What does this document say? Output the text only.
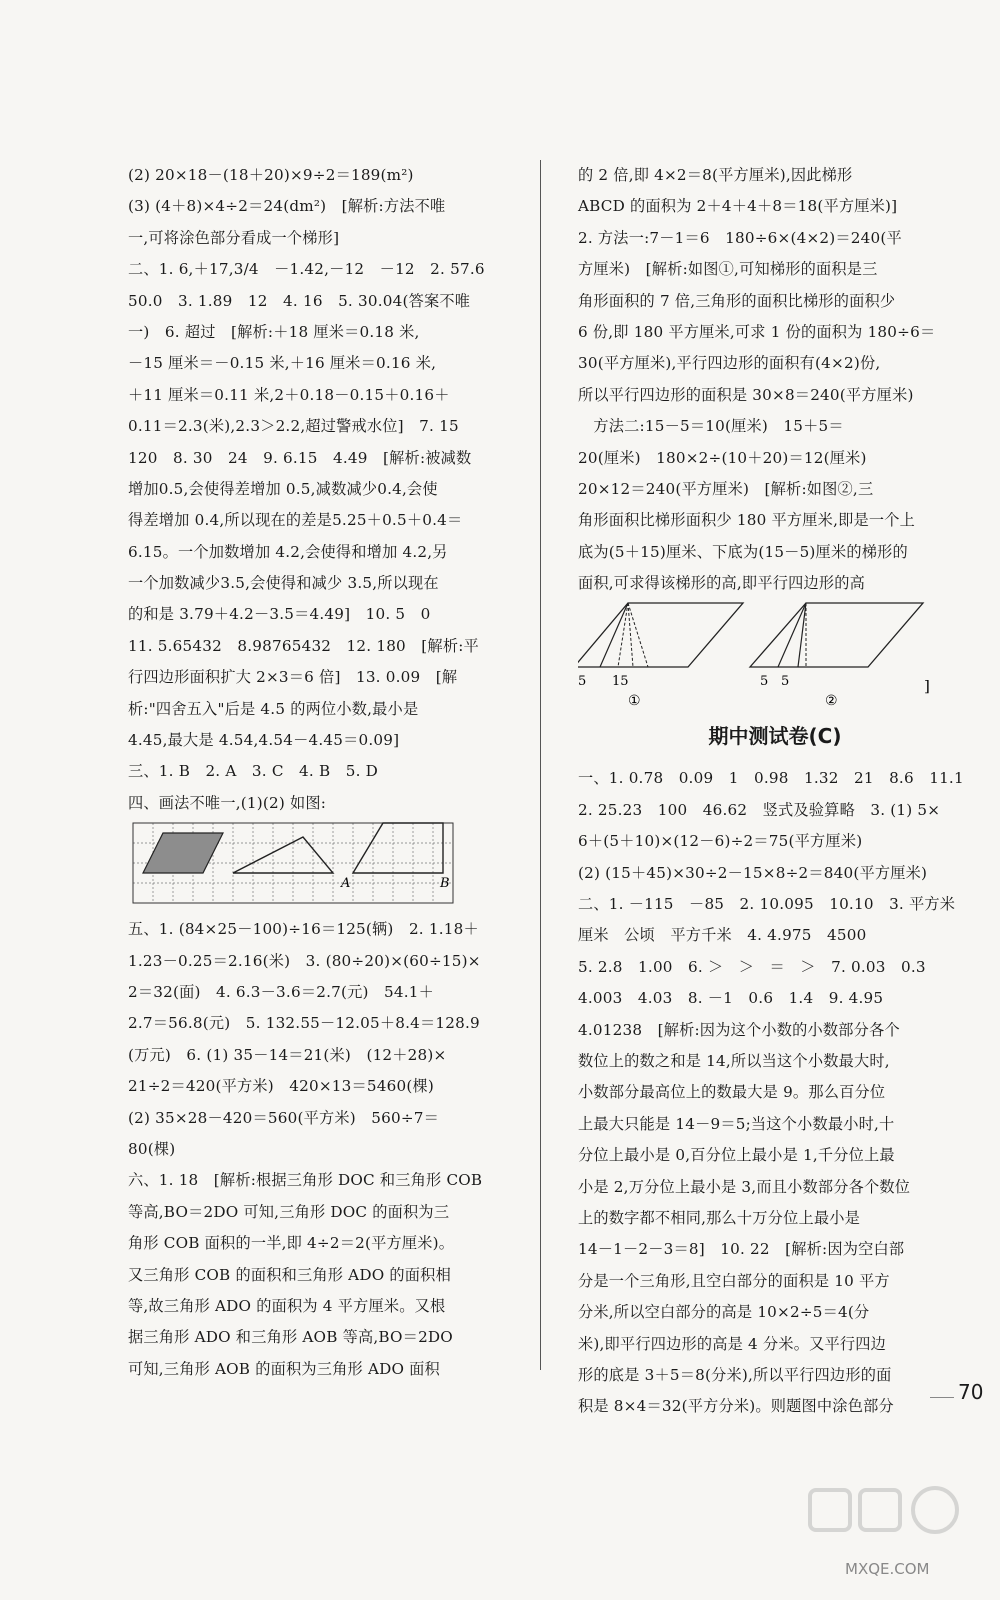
(2) 20×18－(18＋20)×9÷2＝189(m²)
(3) (4＋8)×4÷2＝24(dm²)　[解析:方法不唯
一,可将涂色部分看成一个梯形]
二、1. 6,＋17,3/4　－1.42,－12　－12　2. 57.6
50.0　3. 1.89　12　4. 16　5. 30.04(答案不唯
一)　6. 超过　[解析:＋18 厘米＝0.18 米,
－15 厘米＝－0.15 米,＋16 厘米＝0.16 米,
＋11 厘米＝0.11 米,2＋0.18－0.15＋0.16＋
0.11＝2.3(米),2.3＞2.2,超过警戒水位]　7. 15
120　8. 30　24　9. 6.15　4.49　[解析:被减数
增加0.5,会使得差增加 0.5,减数减少0.4,会使
得差增加 0.4,所以现在的差是5.25＋0.5＋0.4＝
6.15。一个加数增加 4.2,会使得和增加 4.2,另
一个加数减少3.5,会使得和减少 3.5,所以现在
的和是 3.79＋4.2－3.5＝4.49]　10. 5　0
11. 5.65432　8.98765432　12. 180　[解析:平
行四边形面积扩大 2×3＝6 倍]　13. 0.09　[解
析:"四舍五入"后是 4.5 的两位小数,最小是
4.45,最大是 4.54,4.54－4.45＝0.09]
三、1. B　2. A　3. C　4. B　5. D
四、画法不唯一,(1)(2) 如图:
A	B
五、1. (84×25－100)÷16＝125(辆)　2. 1.18＋
1.23－0.25＝2.16(米)　3. (80÷20)×(60÷15)×
2＝32(面)　4. 6.3－3.6＝2.7(元)　54.1＋
2.7＝56.8(元)　5. 132.55－12.05＋8.4＝128.9
(万元)　6. (1) 35－14＝21(米)　(12＋28)×
21÷2＝420(平方米)　420×13＝5460(棵)
(2) 35×28－420＝560(平方米)　560÷7＝
80(棵)
六、1. 18　[解析:根据三角形 DOC 和三角形 COB
等高,BO＝2DO 可知,三角形 DOC 的面积为三
角形 COB 面积的一半,即 4÷2＝2(平方厘米)。
又三角形 COB 的面积和三角形 ADO 的面积相
等,故三角形 ADO 的面积为 4 平方厘米。又根
据三角形 ADO 和三角形 AOB 等高,BO＝2DO
可知,三角形 AOB 的面积为三角形 ADO 面积
的 2 倍,即 4×2＝8(平方厘米),因此梯形
ABCD 的面积为 2＋4＋4＋8＝18(平方厘米)]
2. 方法一:7－1＝6　180÷6×(4×2)＝240(平
方厘米)　[解析:如图①,可知梯形的面积是三
角形面积的 7 倍,三角形的面积比梯形的面积少
6 份,即 180 平方厘米,可求 1 份的面积为 180÷6＝
30(平方厘米),平行四边形的面积有(4×2)份,
所以平行四边形的面积是 30×8＝240(平方厘米)
　方法二:15－5＝10(厘米)　15＋5＝
20(厘米)　180×2÷(10＋20)＝12(厘米)
20×12＝240(平方厘米)　[解析:如图②,三
角形面积比梯形面积少 180 平方厘米,即是一个上
底为(5＋15)厘米、下底为(15－5)厘米的梯形的
面积,可求得该梯形的高,即平行四边形的高
5 15
①
5 5
②
]
期中测试卷(C)
一、1. 0.78　0.09　1　0.98　1.32　21　8.6　11.1
2. 25.23　100　46.62　竖式及验算略　3. (1) 5×
6＋(5＋10)×(12－6)÷2＝75(平方厘米)
(2) (15＋45)×30÷2－15×8÷2＝840(平方厘米)
二、1. －115　－85　2. 10.095　10.10　3. 平方米
厘米　公顷　平方千米　4. 4.975　4500
5. 2.8　1.00　6. ＞　＞　＝　＞　7. 0.03　0.3
4.003　4.03　8. －1　0.6　1.4　9. 4.95
4.01238　[解析:因为这个小数的小数部分各个
数位上的数之和是 14,所以当这个小数最大时,
小数部分最高位上的数最大是 9。那么百分位
上最大只能是 14－9＝5;当这个小数最小时,十
分位上最小是 0,百分位上最小是 1,千分位上最
小是 2,万分位上最小是 3,而且小数部分各个数位
上的数字都不相同,那么十万分位上最小是
14－1－2－3＝8]　10. 22　[解析:因为空白部
分是一个三角形,且空白部分的面积是 10 平方
分米,所以空白部分的高是 10×2÷5＝4(分
米),即平行四边形的高是 4 分米。又平行四边
形的底是 3＋5＝8(分米),所以平行四边形的面
积是 8×4＝32(平方分米)。则题图中涂色部分
70
MXQE.COM
